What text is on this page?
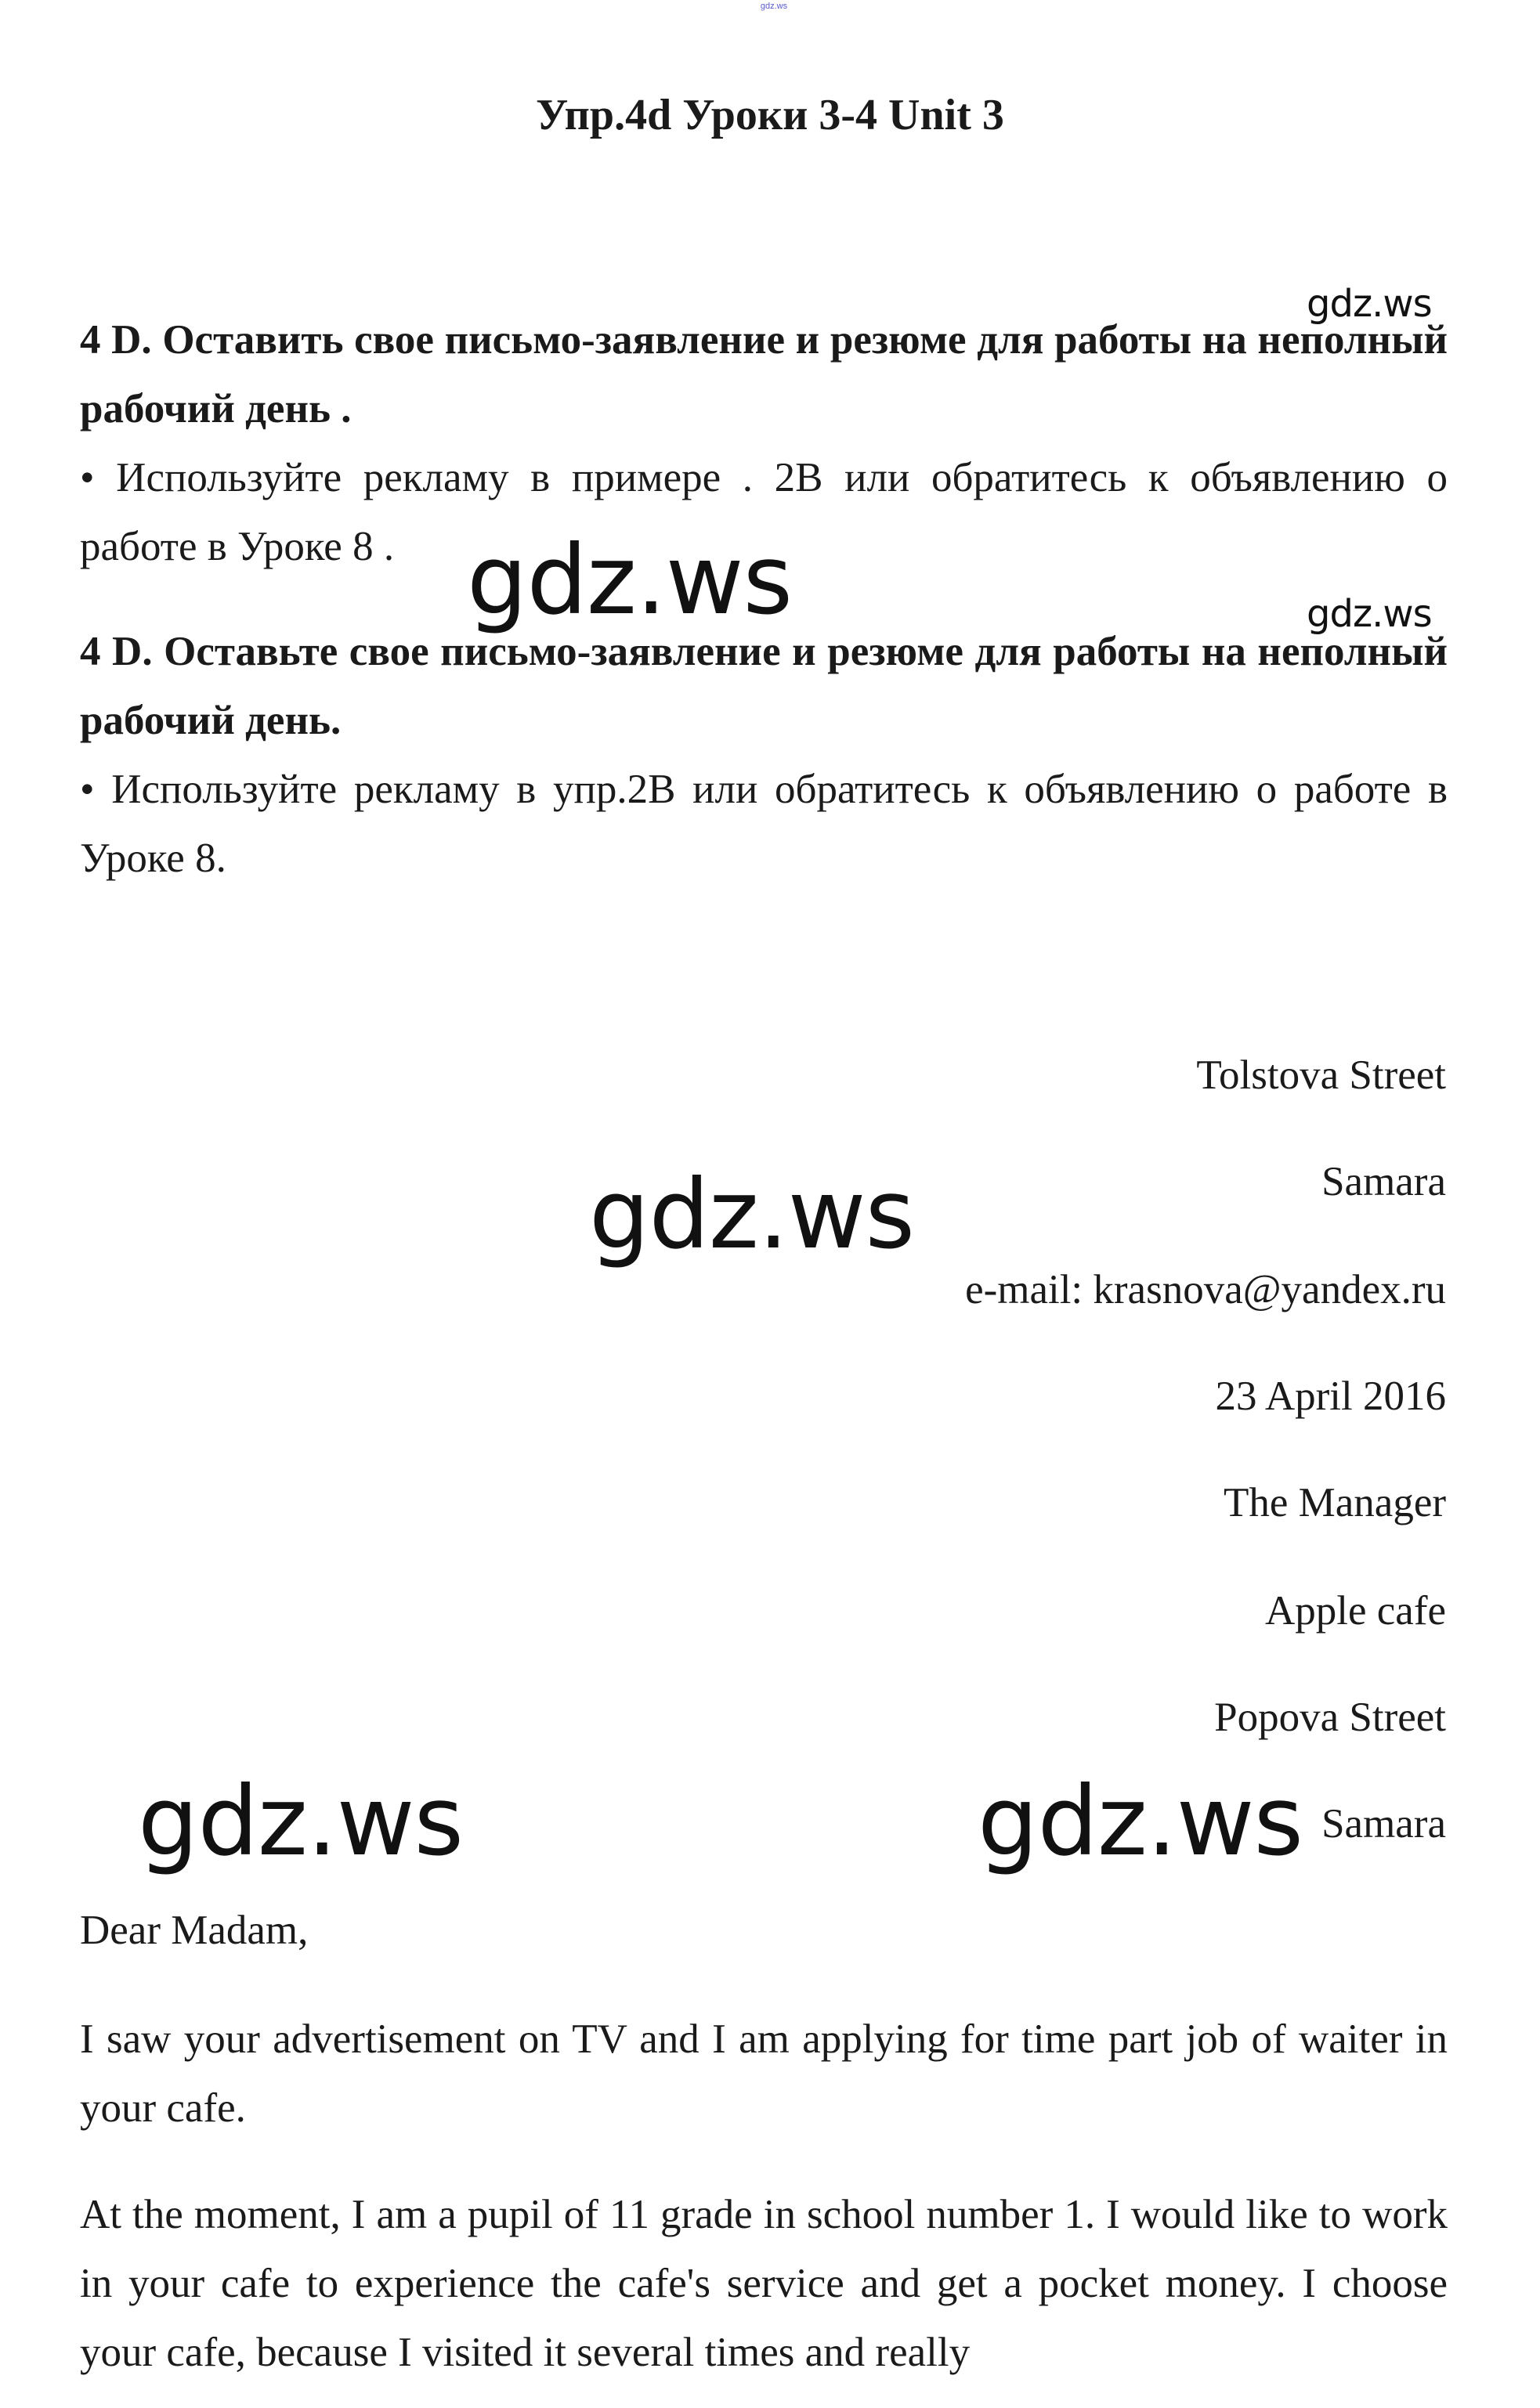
gdz.ws
Упр.4d Уроки 3-4 Unit 3

4 D. Оставить свое письмо-заявление и резюме для работы на неполный рабочий день .

• Используйте рекламу в примере . 2В или обратитесь к объявлению о работе в Уроке 8 .

4 D. Оставьте свое письмо-заявление и резюме для работы на неполный рабочий день.

• Используйте рекламу в упр.2В или обратитесь к объявлению о работе в Уроке 8.

Tolstova Street
Samara
e-mail: krasnova@yandex.ru
23 April 2016
The Manager
Apple cafe
Popova Street
Samara
Dear Madam,

I saw your advertisement on TV and I am applying for time part job of waiter in your cafe.

At the moment, I am a pupil of 11 grade in school number 1. I would like to work in your cafe to experience the cafe's service and get a pocket money. I choose your cafe, because I visited it several times and really

gdz.ws
gdz.ws	gdz.ws
gdz.ws
gdz.ws	gdz.ws
